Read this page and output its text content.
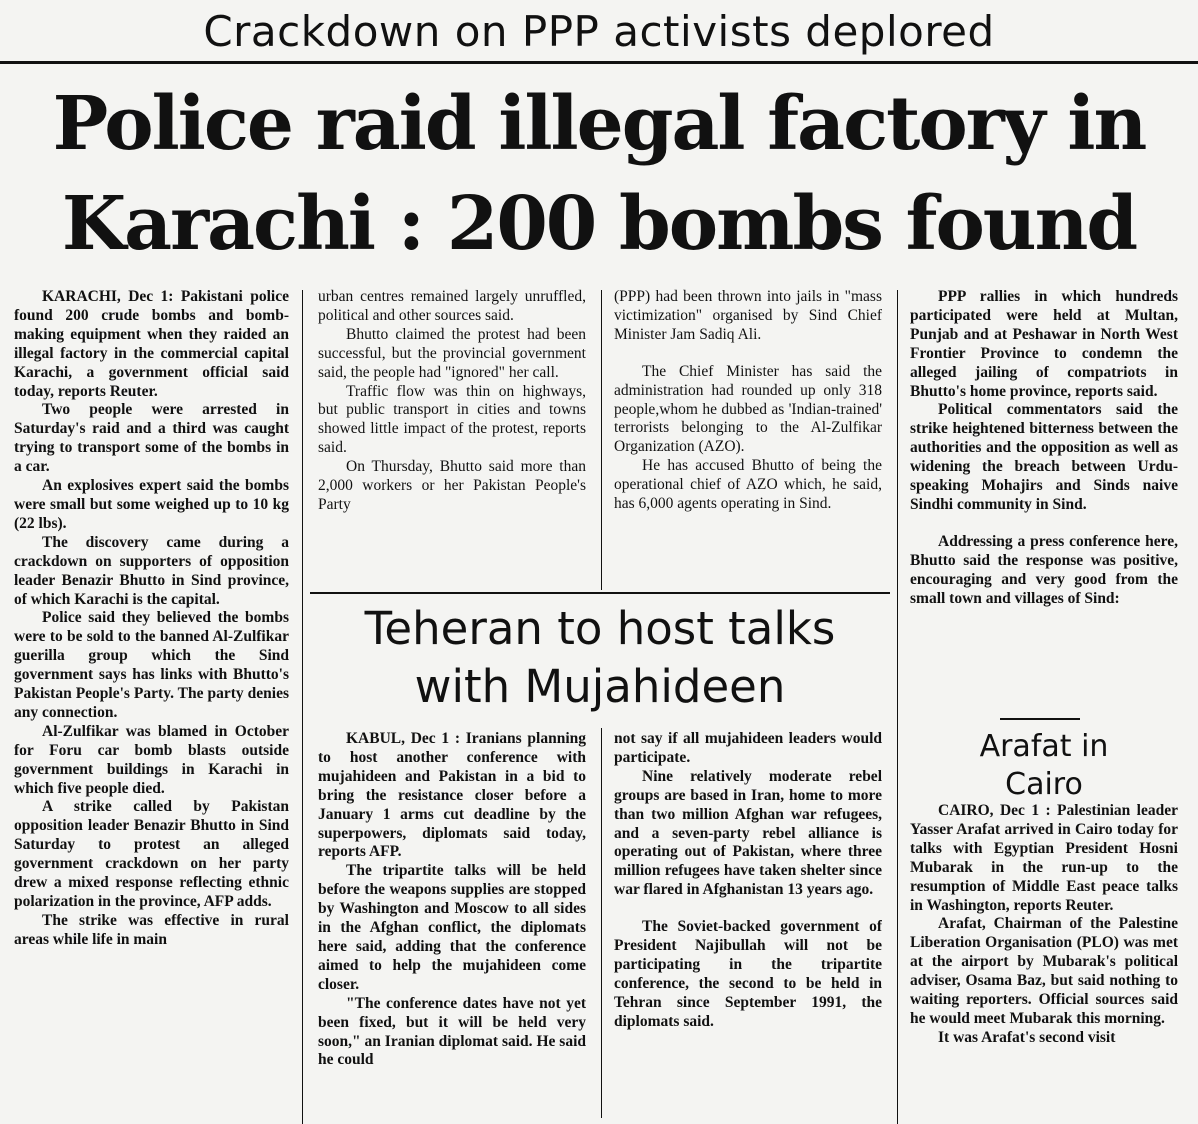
Crackdown on PPP activists deplored
Police raid illegal factory in
Karachi : 200 bombs found

KARACHI, Dec 1: Pakistani police found 200 crude bombs and bomb-making equipment when they raided an illegal factory in the commercial capital Karachi, a government official said today, reports Reuter.

Two people were arrested in Saturday's raid and a third was caught trying to transport some of the bombs in a car.

An explosives expert said the bombs were small but some weighed up to 10 kg (22 lbs).

The discovery came during a crackdown on supporters of opposition leader Benazir Bhutto in Sind province, of which Karachi is the capital.

Police said they believed the bombs were to be sold to the banned Al-Zulfikar guerilla group which the Sind government says has links with Bhutto's Pakistan People's Party. The party denies any connection.

Al-Zulfikar was blamed in October for Foru car bomb blasts outside government buildings in Karachi in which five people died.

A strike called by Pakistan opposition leader Benazir Bhutto in Sind Saturday to protest an alleged government crackdown on her party drew a mixed response reflecting ethnic polarization in the province, AFP adds.

The strike was effective in rural areas while life in main

urban centres remained largely unruffled, political and other sources said.

Bhutto claimed the protest had been successful, but the provincial government said, the people had "ignored" her call.

Traffic flow was thin on highways, but public transport in cities and towns showed little impact of the protest, reports said.

On Thursday, Bhutto said more than 2,000 workers or her Pakistan People's Party

(PPP) had been thrown into jails in "mass victimization" organised by Sind Chief Minister Jam Sadiq Ali.

The Chief Minister has said the administration had rounded up only 318 people,whom he dubbed as 'Indian-trained' terrorists belonging to the Al-Zulfikar Organization (AZO).

He has accused Bhutto of being the operational chief of AZO which, he said, has 6,000 agents operating in Sind.

PPP rallies in which hundreds participated were held at Multan, Punjab and at Peshawar in North West Frontier Province to condemn the alleged jailing of compatriots in Bhutto's home province, reports said.

Political commentators said the strike heightened bitterness between the authorities and the opposition as well as widening the breach between Urdu-speaking Mohajirs and Sinds naive Sindhi community in Sind.

Addressing a press conference here, Bhutto said the response was positive, encouraging and very good from the small town and villages of Sind:

Teheran to host talks
with Mujahideen

KABUL, Dec 1 : Iranians planning to host another conference with mujahideen and Pakistan in a bid to bring the resistance closer before a January 1 arms cut deadline by the superpowers, diplomats said today, reports AFP.

The tripartite talks will be held before the weapons supplies are stopped by Washington and Moscow to all sides in the Afghan conflict, the diplomats here said, adding that the conference aimed to help the mujahideen come closer.

"The conference dates have not yet been fixed, but it will be held very soon," an Iranian diplomat said. He said he could

not say if all mujahideen leaders would participate.

Nine relatively moderate rebel groups are based in Iran, home to more than two million Afghan war refugees, and a seven-party rebel alliance is operating out of Pakistan, where three million refugees have taken shelter since war flared in Afghanistan 13 years ago.

The Soviet-backed government of President Najibullah will not be participating in the tripartite conference, the second to be held in Tehran since September 1991, the diplomats said.

Arafat in
Cairo

CAIRO, Dec 1 : Palestinian leader Yasser Arafat arrived in Cairo today for talks with Egyptian President Hosni Mubarak in the run-up to the resumption of Middle East peace talks in Washington, reports Reuter.

Arafat, Chairman of the Palestine Liberation Organisation (PLO) was met at the airport by Mubarak's political adviser, Osama Baz, but said nothing to waiting reporters. Official sources said he would meet Mubarak this morning.

It was Arafat's second visit
